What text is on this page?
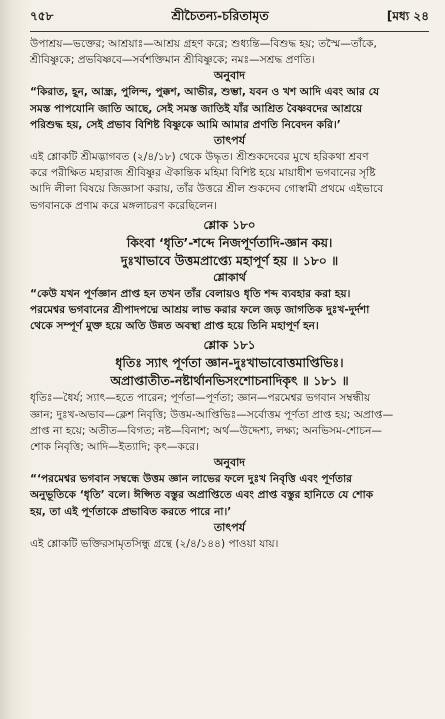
৭৫৮	শ্রীচৈতন্য-চরিতামৃত	[মধ্য ২৪

উপাশ্রয়—ভক্তের; আশ্রয়াঃ—আশ্রয় গ্রহণ করে; শুধ্যন্তি—বিশুদ্ধ হয়; তস্মৈ—তাঁকে,

শ্রীবিষ্ণুকে; প্রভবিষ্ণবে—সর্বশক্তিমান শ্রীবিষ্ণুকে; নমঃ—সশ্রদ্ধ প্রণতি।

অনুবাদ

“কিরাত, হূন, আন্ধ্র, পুলিন্দ, পুক্কশ, আভীর, শুম্ভা, যবন ও খশ আদি এবং আর যে

সমস্ত পাপযোনি জাতি আছে, সেই সমস্ত জাতিই যাঁর আশ্রিত বৈষ্ণবদের আশ্রয়ে

পরিশুদ্ধ হয়, সেই প্রভাব বিশিষ্ট বিষ্ণুকে আমি আমার প্রণতি নিবেদন করি।’

তাৎপর্য

এই শ্লোকটি শ্রীমদ্ভাগবত (২/৪/১৮) থেকে উদ্ধৃত। শ্রীশুকদেবের মুখে হরিকথা শ্রবণ

করে পরীক্ষিত মহারাজ শ্রীবিষ্ণুর ঐকান্তিক মহিমা বিশিষ্ট হয়ে মায়াধীশ ভগবানের সৃষ্টি

আদি লীলা বিষয়ে জিজ্ঞাসা করায়, তাঁর উত্তরে শ্রীল শুকদেব গোস্বামী প্রথমে এইভাবে

ভগবানকে প্রণাম করে মঙ্গলাচরণ করেছিলেন।

শ্লোক ১৮০

কিংবা ‘ধৃতি’-শব্দে নিজপূর্ণতাদি-জ্ঞান কয়।

দুঃখাভাবে উত্তমপ্রাপ্ত্যে মহাপূর্ণ হয় ॥ ১৮০ ॥

শ্লোকার্থ

“কেউ যখন পূর্ণজ্ঞান প্রাপ্ত হন তখন তাঁর বেলায়ও ধৃতি শব্দ ব্যবহার করা হয়।

পরমেশ্বর ভগবানের শ্রীপাদপদ্মে আশ্রয় লাভ করার ফলে জড় জাগতিক দুঃখ-দুর্দশা

থেকে সম্পূর্ণ মুক্ত হয়ে অতি উন্নত অবস্থা প্রাপ্ত হয়ে তিনি মহাপূর্ণ হন।

শ্লোক ১৮১

ধৃতিঃ স্যাৎ পূর্ণতা জ্ঞান-দুঃখাভাবোত্তমাপ্তিভিঃ।

অপ্রাপ্তাতীত-নষ্টার্থানভিসংশোচনাদিকৃৎ ॥ ১৮১ ॥

ধৃতিঃ—ধৈর্য; স্যাৎ—হতে পারেন; পূর্ণতা—পূর্ণতা; জ্ঞান—পরমেশ্বর ভগবান সম্বন্ধীয়

জ্ঞান; দুঃখ-অভাব—ক্লেশ নিবৃত্তি; উত্তম-আপ্তিভিঃ—সর্বোত্তম পূর্ণতা প্রাপ্ত হয়; অপ্রাপ্ত—

প্রাপ্ত না হয়ে; অতীত—বিগত; নষ্ট—বিনাশ; অর্থ—উদ্দেশ্য, লক্ষ্য; অনভিসম-শোচন—

শোক নিবৃত্তি; আদি—ইত্যাদি; কৃৎ—করে।

অনুবাদ

“‘পরমেশ্বর ভগবান সম্বন্ধে উত্তম জ্ঞান লাভের ফলে দুঃখ নিবৃত্তি এবং পূর্ণতার

অনুভূতিকে ‘ধৃতি’ বলে। ঈপ্সিত বস্তুর অপ্রাপ্তিতে এবং প্রাপ্ত বস্তুর হানিতে যে শোক

হয়, তা এই পূর্ণতাকে প্রভাবিত করতে পারে না।’

তাৎপর্য

এই শ্লোকটি ভক্তিরসামৃতসিন্ধু গ্রন্থে (২/৪/১৪৪) পাওয়া যায়।
